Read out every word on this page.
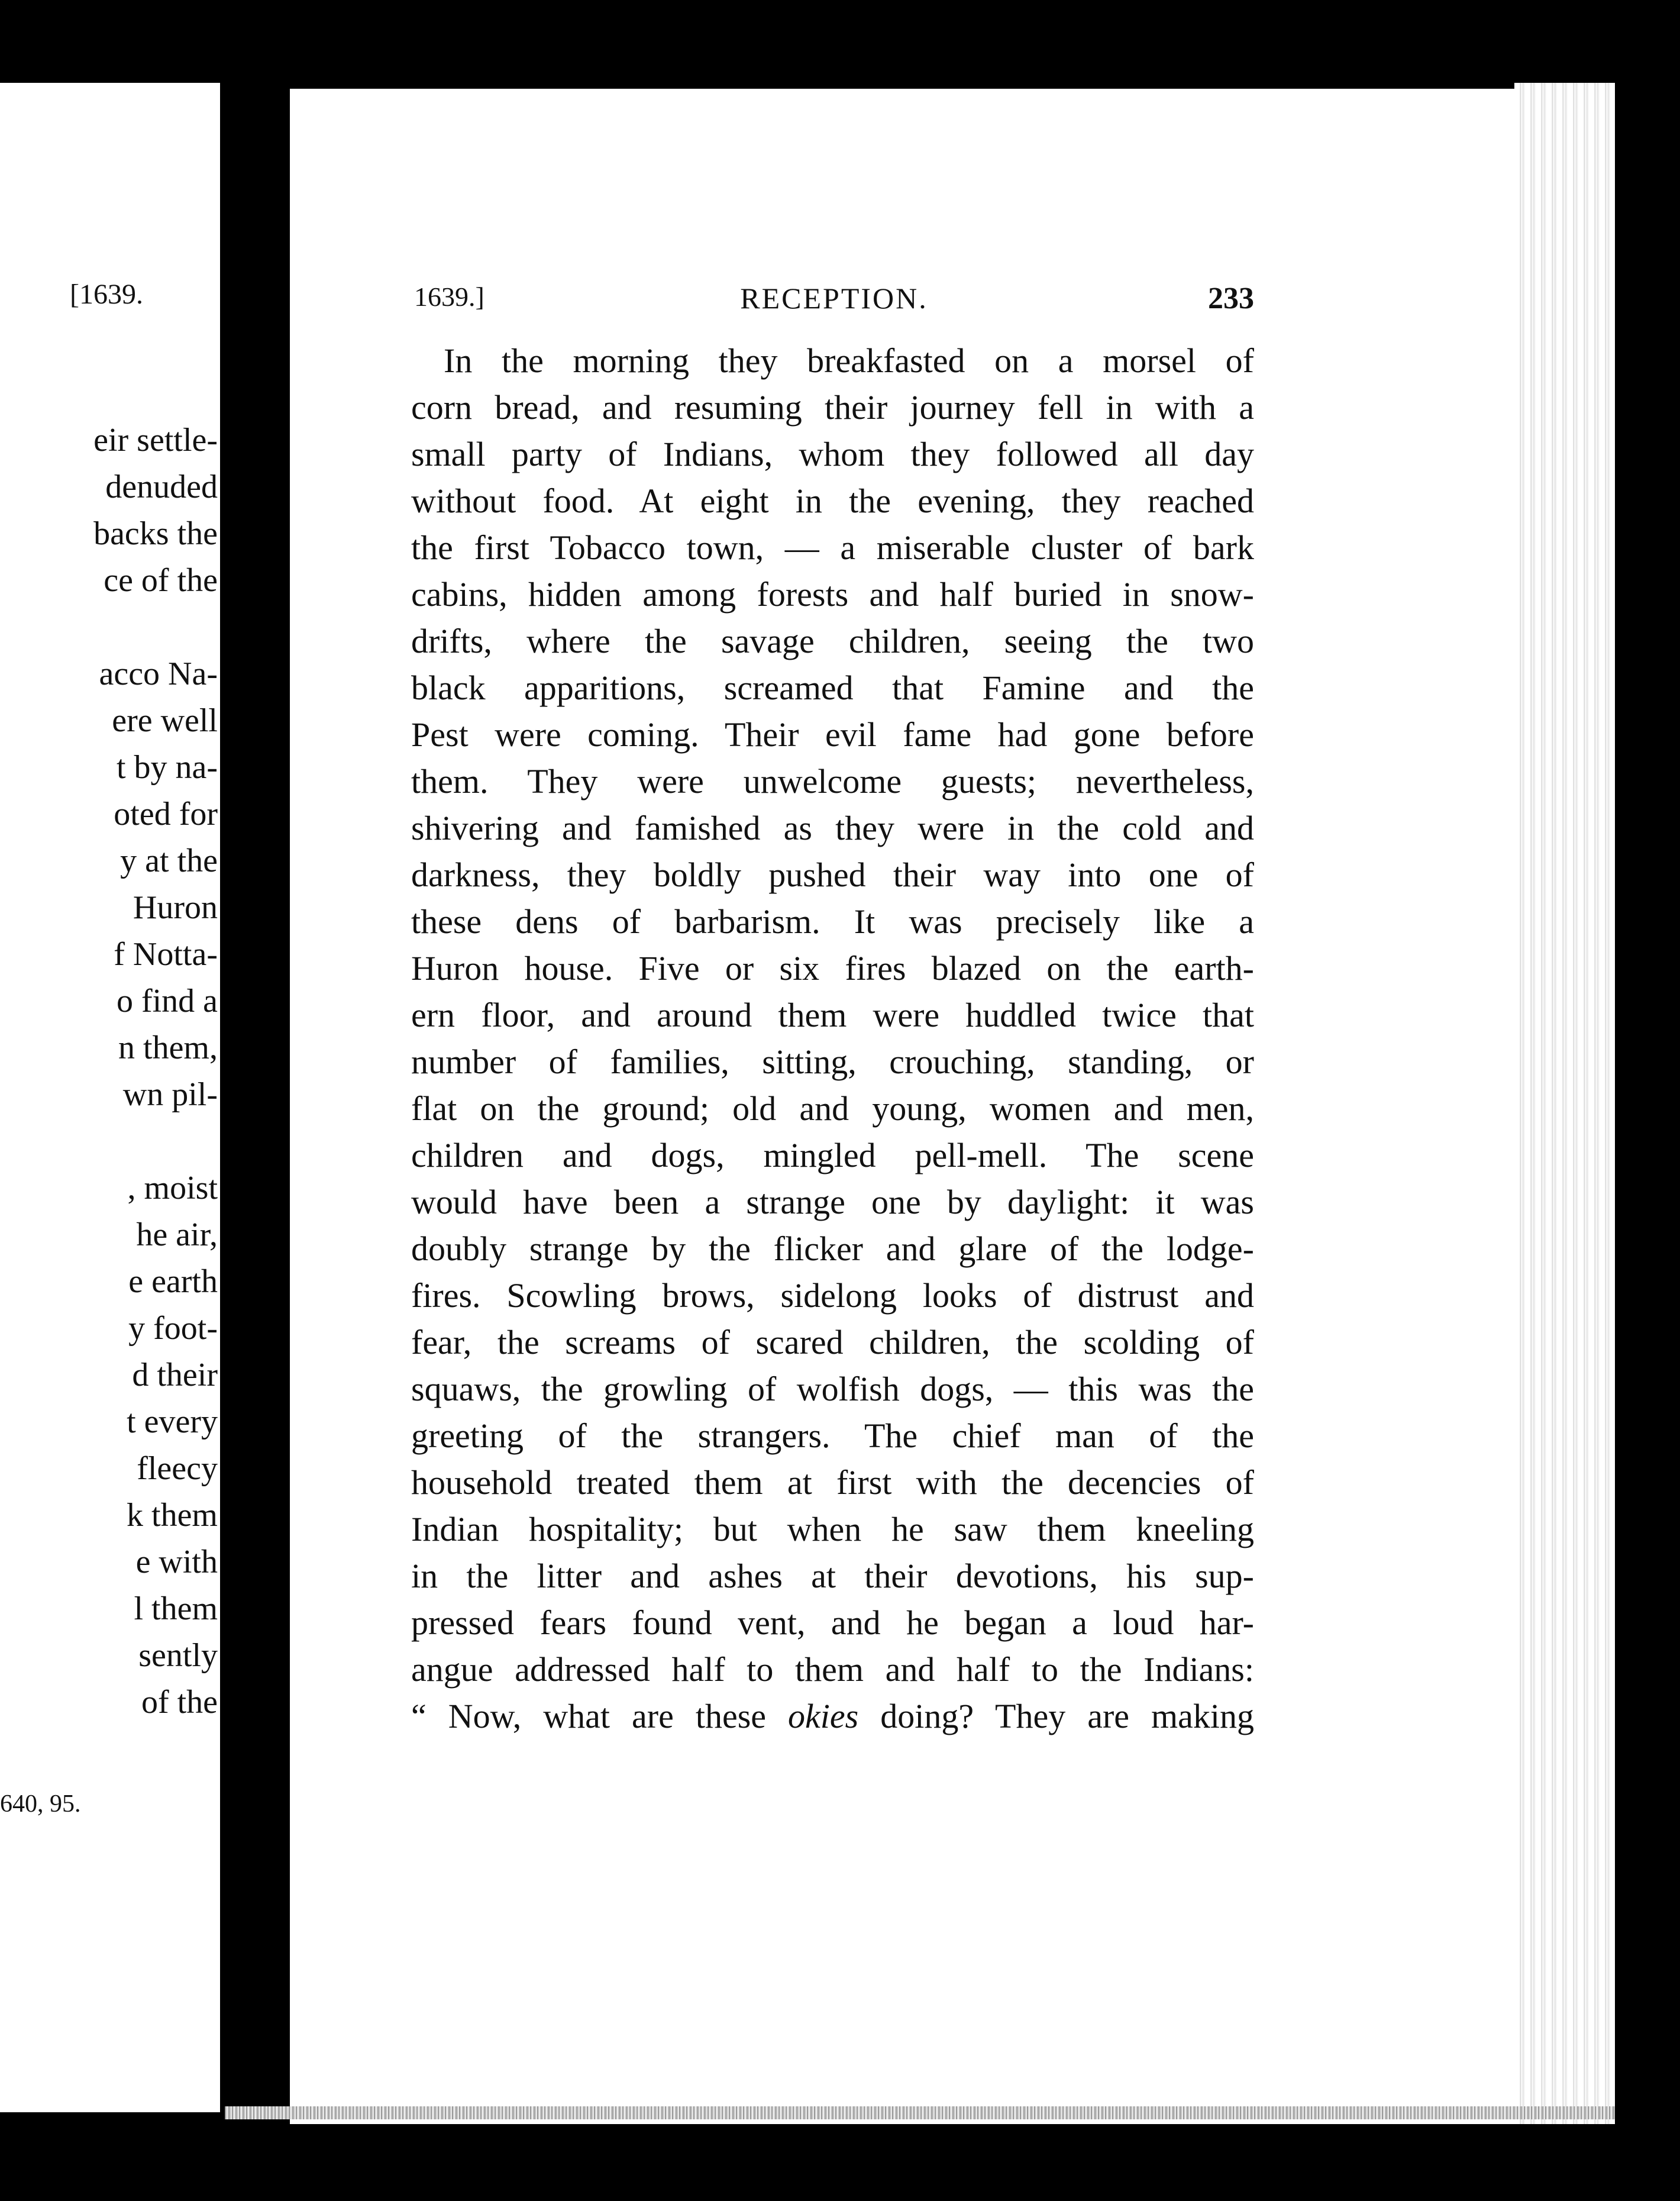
[1639.
eir settle-
denuded
backs the
ce of the
acco Na-
ere well
t by na-
oted for
y at the
Huron
f Notta-
o find a
n them,
wn pil-
, moist
he air,
e earth
y foot-
d their
t every
fleecy
k them
e with
l them
sently
of the
640, 95.
1639.]	RECEPTION.	233
In the morning they breakfasted on a morsel of
corn bread, and resuming their journey fell in with a
small party of Indians, whom they followed all day
without food. At eight in the evening, they reached
the first Tobacco town, — a miserable cluster of bark
cabins, hidden among forests and half buried in snow-
drifts, where the savage children, seeing the two
black apparitions, screamed that Famine and the
Pest were coming. Their evil fame had gone before
them. They were unwelcome guests; nevertheless,
shivering and famished as they were in the cold and
darkness, they boldly pushed their way into one of
these dens of barbarism. It was precisely like a
Huron house. Five or six fires blazed on the earth-
ern floor, and around them were huddled twice that
number of families, sitting, crouching, standing, or
flat on the ground; old and young, women and men,
children and dogs, mingled pell-mell. The scene
would have been a strange one by daylight: it was
doubly strange by the flicker and glare of the lodge-
fires. Scowling brows, sidelong looks of distrust and
fear, the screams of scared children, the scolding of
squaws, the growling of wolfish dogs, — this was the
greeting of the strangers. The chief man of the
household treated them at first with the decencies of
Indian hospitality; but when he saw them kneeling
in the litter and ashes at their devotions, his sup-
pressed fears found vent, and he began a loud har-
angue addressed half to them and half to the Indians:
“ Now, what are these okies doing? They are making
